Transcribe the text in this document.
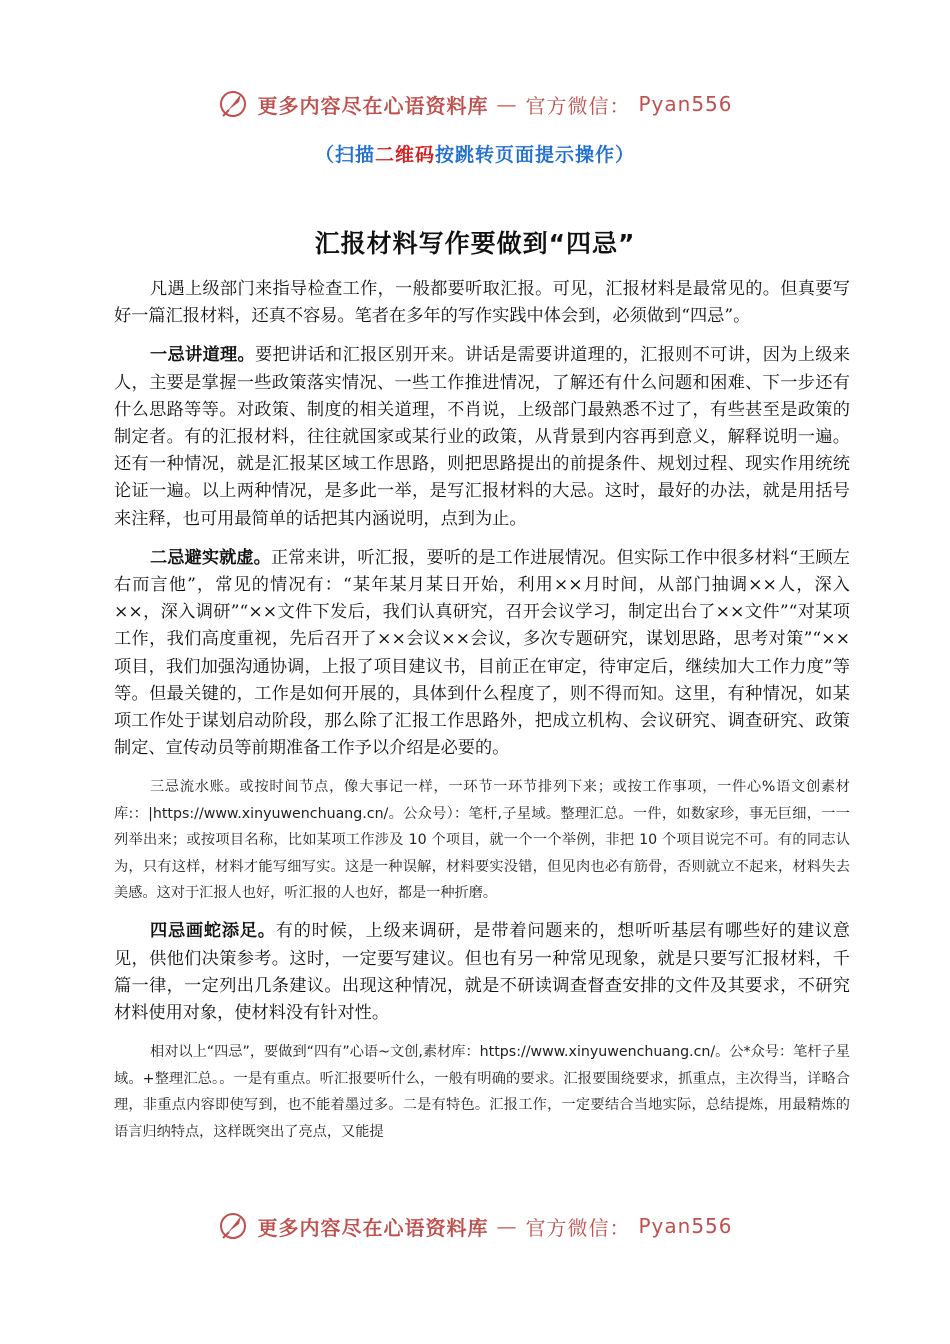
更多内容尽在心语资料库 — 官方微信： Pyan556
（扫描二维码按跳转页面提示操作）
汇报材料写作要做到“四忌”

凡遇上级部门来指导检查工作，一般都要听取汇报。可见，汇报材料是最常见的。但真要写好一篇汇报材料，还真不容易。笔者在多年的写作实践中体会到，必须做到“四忌”。

一忌讲道理。要把讲话和汇报区别开来。讲话是需要讲道理的，汇报则不可讲，因为上级来人，主要是掌握一些政策落实情况、一些工作推进情况，了解还有什么问题和困难、下一步还有什么思路等等。对政策、制度的相关道理，不肖说，上级部门最熟悉不过了，有些甚至是政策的制定者。有的汇报材料，往往就国家或某行业的政策，从背景到内容再到意义，解释说明一遍。还有一种情况，就是汇报某区域工作思路，则把思路提出的前提条件、规划过程、现实作用统统论证一遍。以上两种情况，是多此一举，是写汇报材料的大忌。这时，最好的办法，就是用括号来注释，也可用最简单的话把其内涵说明，点到为止。

二忌避实就虚。正常来讲，听汇报，要听的是工作进展情况。但实际工作中很多材料“王顾左右而言他”，常见的情况有：“某年某月某日开始，利用××月时间，从部门抽调××人，深入××，深入调研”“××文件下发后，我们认真研究，召开会议学习，制定出台了××文件”“对某项工作，我们高度重视，先后召开了××会议××会议，多次专题研究，谋划思路，思考对策”“××项目，我们加强沟通协调，上报了项目建议书，目前正在审定，待审定后，继续加大工作力度”等等。但最关键的，工作是如何开展的，具体到什么程度了，则不得而知。这里，有种情况，如某项工作处于谋划启动阶段，那么除了汇报工作思路外，把成立机构、会议研究、调查研究、政策制定、宣传动员等前期准备工作予以介绍是必要的。

三忌流水账。或按时间节点，像大事记一样，一环节一环节排列下来；或按工作事项，一件心%语文创素材库:：|https://www.xinyuwenchuang.cn/。公众号）：笔杆,子星域。整理汇总。一件，如数家珍，事无巨细，一一列举出来；或按项目名称，比如某项工作涉及 10 个项目，就一个一个举例，非把 10 个项目说完不可。有的同志认为，只有这样，材料才能写细写实。这是一种误解，材料要实没错，但见肉也必有筋骨，否则就立不起来，材料失去美感。这对于汇报人也好，听汇报的人也好，都是一种折磨。

四忌画蛇添足。有的时候，上级来调研，是带着问题来的，想听听基层有哪些好的建议意见，供他们决策参考。这时，一定要写建议。但也有另一种常见现象，就是只要写汇报材料，千篇一律，一定列出几条建议。出现这种情况，就是不研读调查督查安排的文件及其要求，不研究材料使用对象，使材料没有针对性。

相对以上“四忌”，要做到“四有”心语~文创,素材库：https://www.xinyuwenchuang.cn/。公*众号：笔杆子星域。+整理汇总。。一是有重点。听汇报要听什么，一般有明确的要求。汇报要围绕要求，抓重点，主次得当，详略合理，非重点内容即使写到，也不能着墨过多。二是有特色。汇报工作，一定要结合当地实际，总结提炼，用最精炼的语言归纳特点，这样既突出了亮点，又能提

更多内容尽在心语资料库 — 官方微信： Pyan556
